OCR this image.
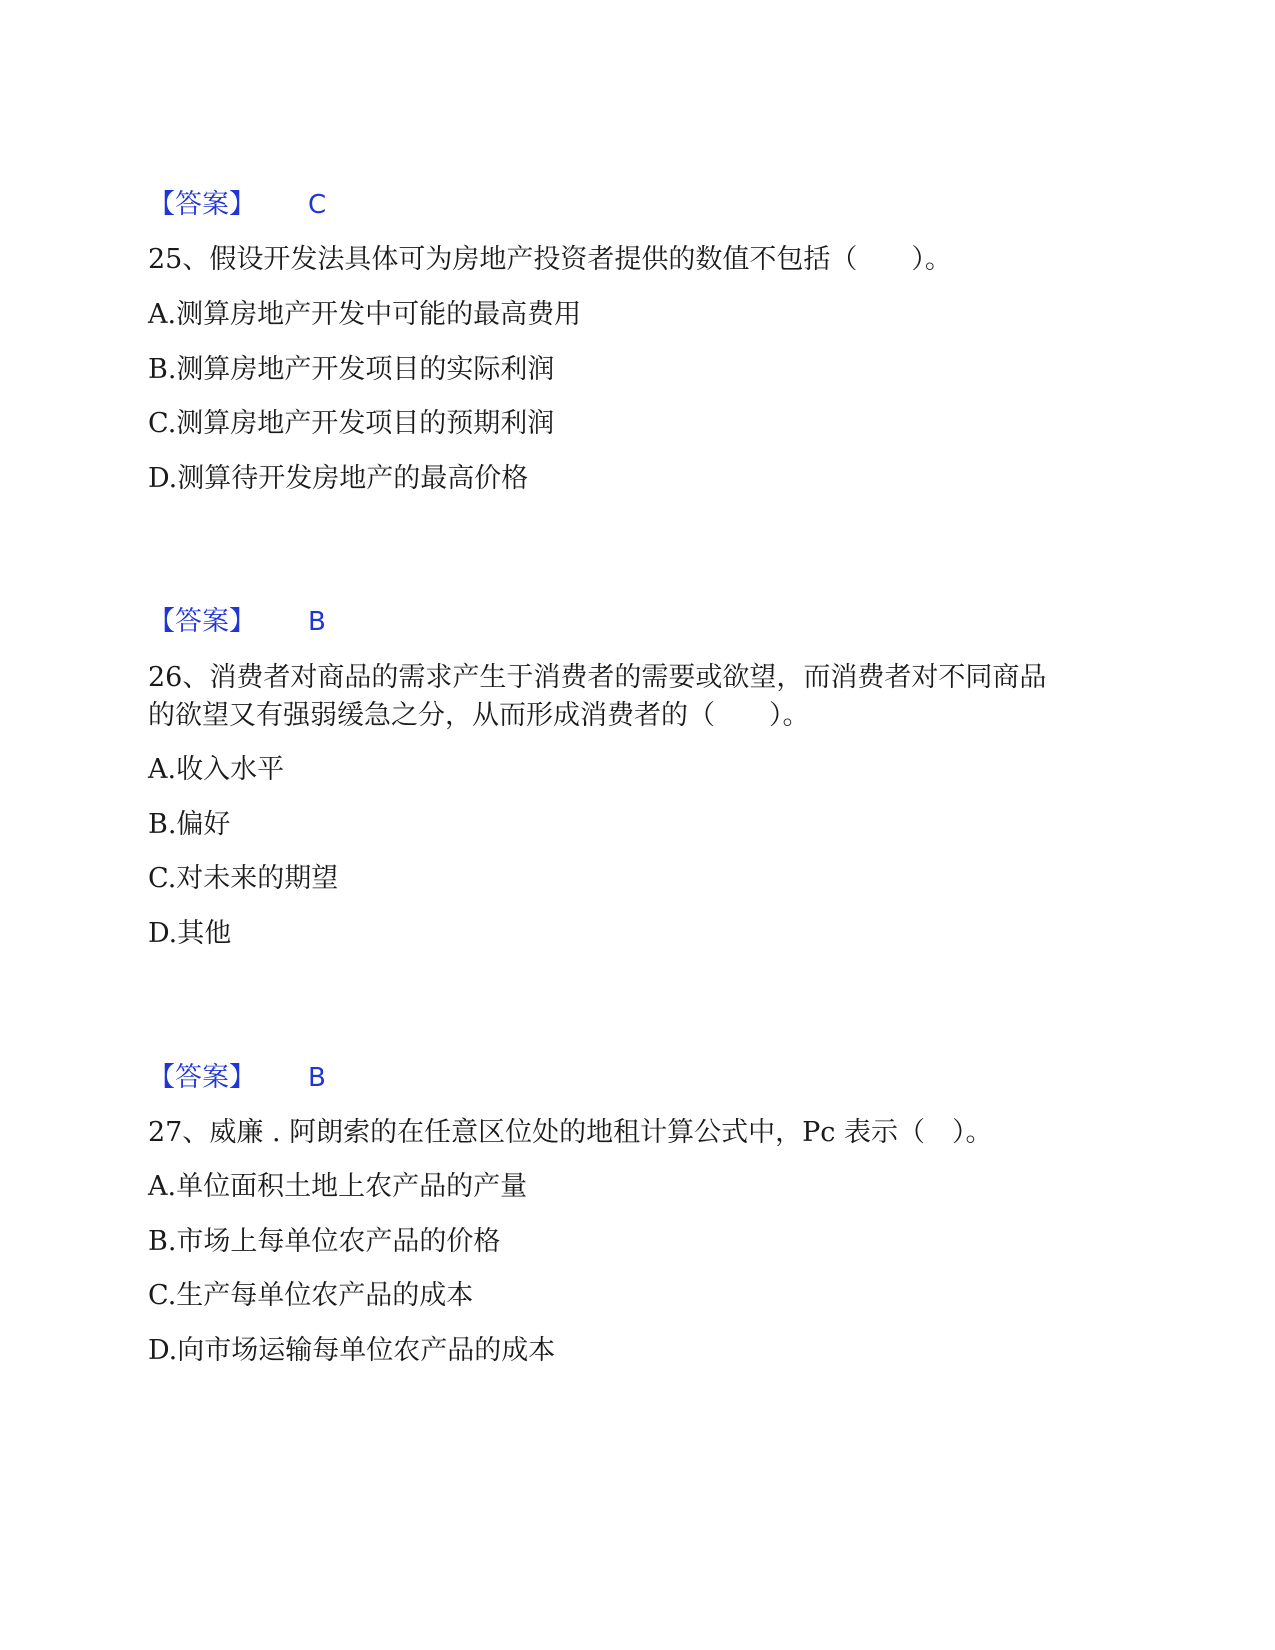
【答案】 C
25、假设开发法具体可为房地产投资者提供的数值不包括（　　）。
A.测算房地产开发中可能的最高费用
B.测算房地产开发项目的实际利润
C.测算房地产开发项目的预期利润
D.测算待开发房地产的最高价格
【答案】 B
26、消费者对商品的需求产生于消费者的需要或欲望，而消费者对不同商品
的欲望又有强弱缓急之分，从而形成消费者的（　　）。
A.收入水平
B.偏好
C.对未来的期望
D.其他
【答案】 B
27、威廉 . 阿朗索的在任意区位处的地租计算公式中，Pc 表示（　）。
A.单位面积土地上农产品的产量
B.市场上每单位农产品的价格
C.生产每单位农产品的成本
D.向市场运输每单位农产品的成本
